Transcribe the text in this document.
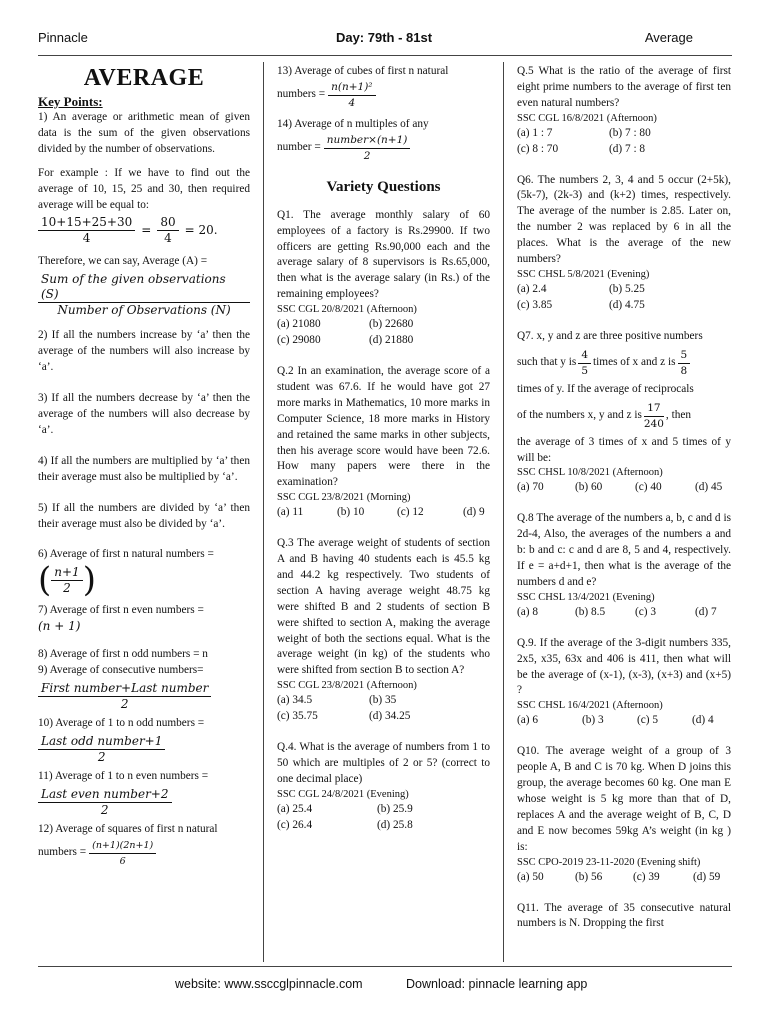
Pinnacle	Day: 79th - 81st	Average
AVERAGE
Key Points:

1) An average or arithmetic mean of given data is the sum of the given observations divided by the number of observations.

For example : If we have to find out the average of 10, 15, 25 and 30, then required average will be equal to:

$\frac{10+15+25+30}{4} = \frac{80}{4} = 20$.

Therefore, we can say, Average (A) =

$\frac{\text{Sum of the given observations (S)}}{\text{Number of Observations (N)}}$

2) If all the numbers increase by ‘a’ then the average of the numbers will also increase by ‘a’.

3) If all the numbers decrease by ‘a’ then the average of the numbers will also decrease by ‘a’.

4) If all the numbers are multiplied by ‘a’ then their average must also be multiplied by ‘a’.

5) If all the numbers are divided by ‘a’ then their average must also be divided by ‘a’.

6) Average of first n natural numbers =

( $\frac{n+1}{2}$ )

7) Average of first n even numbers =

(n + 1)

8) Average of first n odd numbers = n

9) Average of consecutive numbers=

$\frac{\text{First number+Last number}}{2}$

10) Average of 1 to n odd numbers =

$\frac{\text{Last odd number+1}}{2}$

11) Average of 1 to n even numbers =

$\frac{\text{Last even number+2}}{2}$

12) Average of squares of first n natural

numbers = $\frac{(n+1)(2n+1)}{6}$

13) Average of cubes of first n natural

numbers = $\frac{\text{n(n+1)²}}{4}$

14) Average of n multiples of any

number = $\frac{\text{number×(n+1)}}{2}$
Variety Questions

Q1. The average monthly salary of 60 employees of a factory is Rs.29900. If two officers are getting Rs.90,000 each and the average salary of 8 supervisors is Rs.65,000, then what is the average salary (in Rs.) of the remaining employees?

SSC CGL 20/8/2021 (Afternoon)
(a) 21080	(b) 22680
(c) 29080	(d) 21880

Q.2 In an examination, the average score of a student was 67.6. If he would have got 27 more marks in Mathematics, 10 more marks in Computer Science, 18 more marks in History and retained the same marks in other subjects, then his average score would have been 72.6. How many papers were there in the examination?

SSC CGL 23/8/2021 (Morning)
(a) 11	(b) 10	(c) 12	(d) 9

Q.3 The average weight of students of section A and B having 40 students each is 45.5 kg and 44.2 kg respectively. Two students of section A having average weight 48.75 kg were shifted B and 2 students of section B were shifted to section A, making the average weight of both the sections equal. What is the average weight (in kg) of the students who were shifted from section B to section A?

SSC CGL 23/8/2021 (Afternoon)
(a) 34.5	(b) 35
(c) 35.75	(d) 34.25

Q.4. What is the average of numbers from 1 to 50 which are multiples of 2 or 5? (correct to one decimal place)

SSC CGL 24/8/2021 (Evening)
(a) 25.4	(b) 25.9
(c) 26.4	(d) 25.8

Q.5 What is the ratio of the average of first eight prime numbers to the average of first ten even natural numbers?

SSC CGL 16/8/2021 (Afternoon)
(a) 1 : 7	(b) 7 : 80
(c) 8 : 70	(d) 7 : 8

Q6. The numbers 2, 3, 4 and 5 occur (2+5k), (5k-7), (2k-3) and (k+2) times, respectively. The average of the number is 2.85. Later on, the number 2 was replaced by 6 in all the places. What is the average of the new numbers?

SSC CHSL 5/8/2021 (Evening)
(a) 2.4	(b) 5.25
(c) 3.85	(d) 4.75

Q7. x, y and z are three positive numbers

such that y is $\frac{4}{5}$ times of x and z is $\frac{5}{8}$

times of y. If the average of reciprocals

of the numbers x, y and z is $\frac{17}{240}$ , then

the average of 3 times of x and 5 times of y will be:

SSC CHSL 10/8/2021 (Afternoon)
(a) 70	(b) 60	(c) 40	(d) 45

Q.8 The average of the numbers a, b, c and d is 2d-4, Also, the averages of the numbers a and b: b and c: c and d are 8, 5 and 4, respectively. If e = a+d+1, then what is the average of the numbers d and e?

SSC CHSL 13/4/2021 (Evening)
(a) 8	(b) 8.5	(c) 3	(d) 7

Q.9. If the average of the 3-digit numbers 335, 2x5, x35, 63x and 406 is 411, then what will be the average of (x-1), (x-3), (x+3) and (x+5) ?

SSC CHSL 16/4/2021 (Afternoon)
(a) 6	(b) 3	(c) 5	(d) 4

Q10. The average weight of a group of 3 people A, B and C is 70 kg. When D joins this group, the average becomes 60 kg. One man E whose weight is 5 kg more than that of D, replaces A and the average weight of B, C, D and E now becomes 59kg A’s weight (in kg ) is:

SSC CPO-2019 23-11-2020 (Evening shift)
(a) 50	(b) 56	(c) 39	(d) 59

Q11. The average of 35 consecutive natural numbers is N. Dropping the first

website: www.ssccglpinnacle.com	Download: pinnacle learning app
